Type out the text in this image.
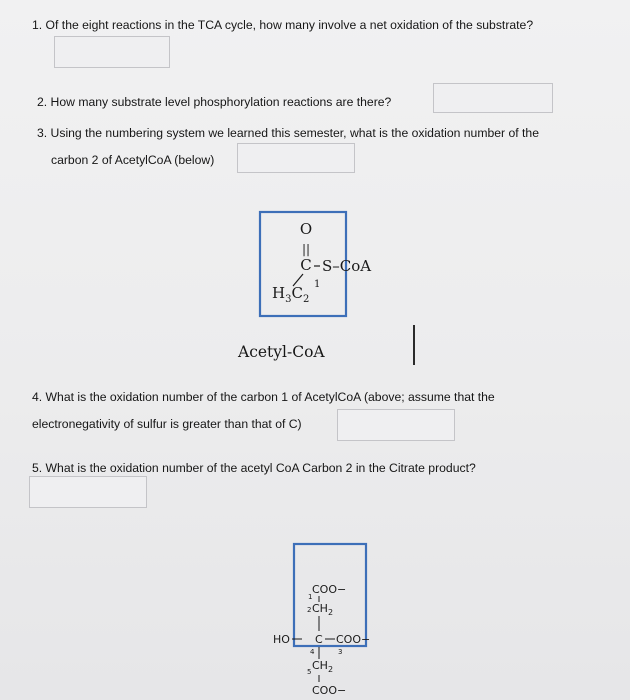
1. Of the eight reactions in the TCA cycle, how many involve a net oxidation of the substrate?
2. How many substrate level phosphorylation reactions are there?
3. Using the numbering system we learned this semester, what is the oxidation number of the
carbon 2 of AcetylCoA (below)
O
||
C S–CoA
1
$H_3C_2$
Acetyl-CoA
4. What is the oxidation number of the carbon 1 of AcetylCoA (above; assume that the
electronegativity of sulfur is greater than that of C)
5. What is the oxidation number of the acetyl CoA Carbon 2 in the Citrate product?
COO−
1
$CH_2$
2
HO C COO−
4	3
$CH_2$
5
COO−
